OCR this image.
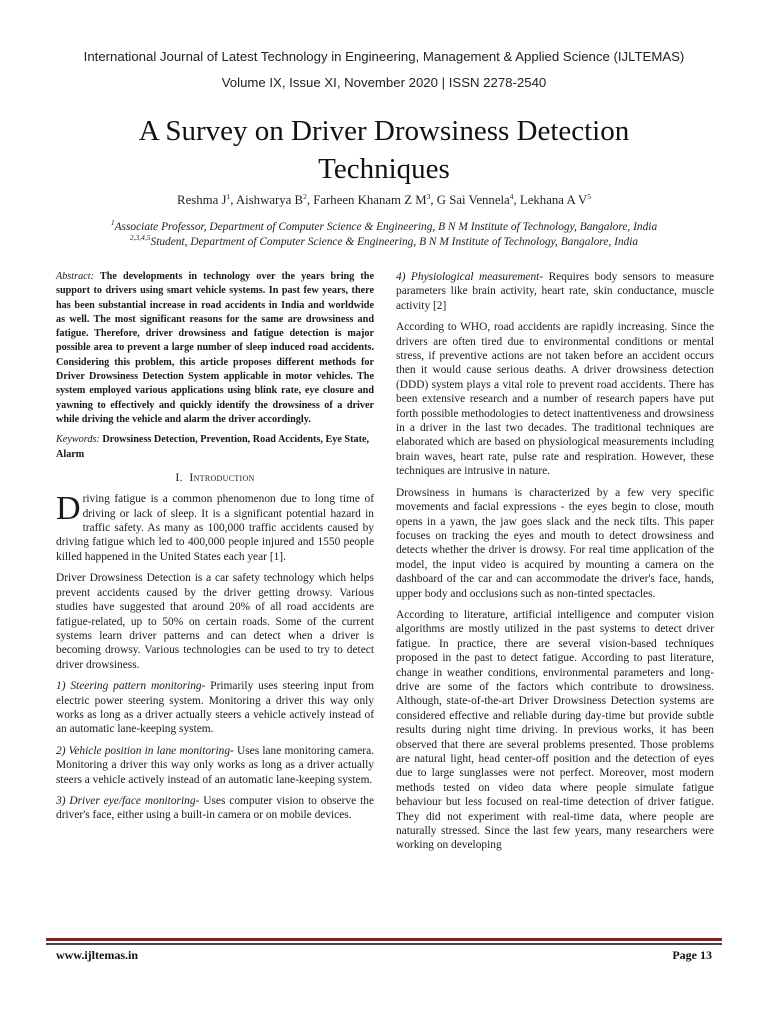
International Journal of Latest Technology in Engineering, Management & Applied Science (IJLTEMAS)
Volume IX, Issue XI, November 2020 | ISSN 2278-2540
A Survey on Driver Drowsiness Detection
Techniques
Reshma $J^1$, Aishwarya $B^2$, Farheen Khanam Z $M^3$, G Sai Vennela$^4$, Lekhana A $V^5$
$^1$Associate Professor, Department of Computer Science & Engineering, B N M Institute of Technology, Bangalore, India
$^{2,3,4,5}$Student, Department of Computer Science & Engineering, B N M Institute of Technology, Bangalore, India

Abstract: The developments in technology over the years bring the support to drivers using smart vehicle systems. In past few years, there has been substantial increase in road accidents in India and worldwide as well. The most significant reasons for the same are drowsiness and fatigue. Therefore, driver drowsiness and fatigue detection is major possible area to prevent a large number of sleep induced road accidents. Considering this problem, this article proposes different methods for Driver Drowsiness Detection System applicable in motor vehicles. The system employed various applications using blink rate, eye closure and yawning to effectively and quickly identify the drowsiness of a driver while driving the vehicle and alarm the driver accordingly.

Keywords: Drowsiness Detection, Prevention, Road Accidents, Eye State, Alarm

I. Introduction

Driving fatigue is a common phenomenon due to long time of driving or lack of sleep. It is a significant potential hazard in traffic safety. As many as 100,000 traffic accidents caused by driving fatigue which led to 400,000 people injured and 1550 people killed happened in the United States each year [1].

Driver Drowsiness Detection is a car safety technology which helps prevent accidents caused by the driver getting drowsy. Various studies have suggested that around 20% of all road accidents are fatigue-related, up to 50% on certain roads. Some of the current systems learn driver patterns and can detect when a driver is becoming drowsy. Various technologies can be used to try to detect driver drowsiness.

1) Steering pattern monitoring- Primarily uses steering input from electric power steering system. Monitoring a driver this way only works as long as a driver actually steers a vehicle actively instead of an automatic lane-keeping system.

2) Vehicle position in lane monitoring- Uses lane monitoring camera. Monitoring a driver this way only works as long as a driver actually steers a vehicle actively instead of an automatic lane-keeping system.

3) Driver eye/face monitoring- Uses computer vision to observe the driver's face, either using a built-in camera or on mobile devices.

4) Physiological measurement- Requires body sensors to measure parameters like brain activity, heart rate, skin conductance, muscle activity [2]

According to WHO, road accidents are rapidly increasing. Since the drivers are often tired due to environmental conditions or mental stress, if preventive actions are not taken before an accident occurs then it would cause serious deaths. A driver drowsiness detection (DDD) system plays a vital role to prevent road accidents. There has been extensive research and a number of research papers have put forth possible methodologies to detect inattentiveness and drowsiness in a driver in the last two decades. The traditional techniques are elaborated which are based on physiological measurements including brain waves, heart rate, pulse rate and respiration. However, these techniques are intrusive in nature.

Drowsiness in humans is characterized by a few very specific movements and facial expressions - the eyes begin to close, mouth opens in a yawn, the jaw goes slack and the neck tilts. This paper focuses on tracking the eyes and mouth to detect drowsiness and detects whether the driver is drowsy. For real time application of the model, the input video is acquired by mounting a camera on the dashboard of the car and can accommodate the driver's face, hands, upper body and occlusions such as non-tinted spectacles.

According to literature, artificial intelligence and computer vision algorithms are mostly utilized in the past systems to detect driver fatigue. In practice, there are several vision-based techniques proposed in the past to detect fatigue. According to past literature, change in weather conditions, environmental parameters and long-drive are some of the factors which contribute to drowsiness. Although, state-of-the-art Driver Drowsiness Detection systems are considered effective and reliable during day-time but provide subtle results during night time driving. In previous works, it has been observed that there are several problems presented. Those problems are natural light, head center-off position and the detection of eyes due to large sunglasses were not perfect. Moreover, most modern methods tested on video data where people simulate fatigue behaviour but less focused on real-time detection of driver fatigue. They did not experiment with real-time data, where people are naturally stressed. Since the last few years, many researchers were working on developing

www.ijltemas.in	Page 13
